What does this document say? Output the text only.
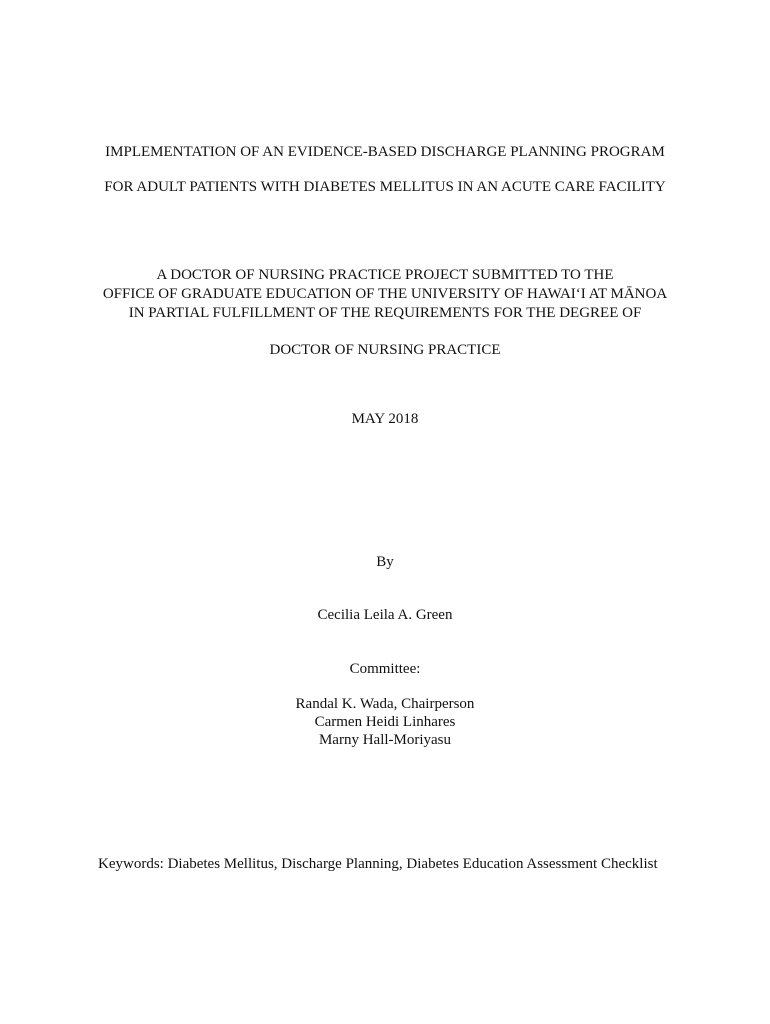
IMPLEMENTATION OF AN EVIDENCE-BASED DISCHARGE PLANNING PROGRAM
FOR ADULT PATIENTS WITH DIABETES MELLITUS IN AN ACUTE CARE FACILITY
A DOCTOR OF NURSING PRACTICE PROJECT SUBMITTED TO THE
OFFICE OF GRADUATE EDUCATION OF THE UNIVERSITY OF HAWAIʻI AT MĀNOA
IN PARTIAL FULFILLMENT OF THE REQUIREMENTS FOR THE DEGREE OF
DOCTOR OF NURSING PRACTICE
MAY 2018
By
Cecilia Leila A. Green
Committee:
Randal K. Wada, Chairperson
Carmen Heidi Linhares
Marny Hall-Moriyasu
Keywords: Diabetes Mellitus, Discharge Planning, Diabetes Education Assessment Checklist
